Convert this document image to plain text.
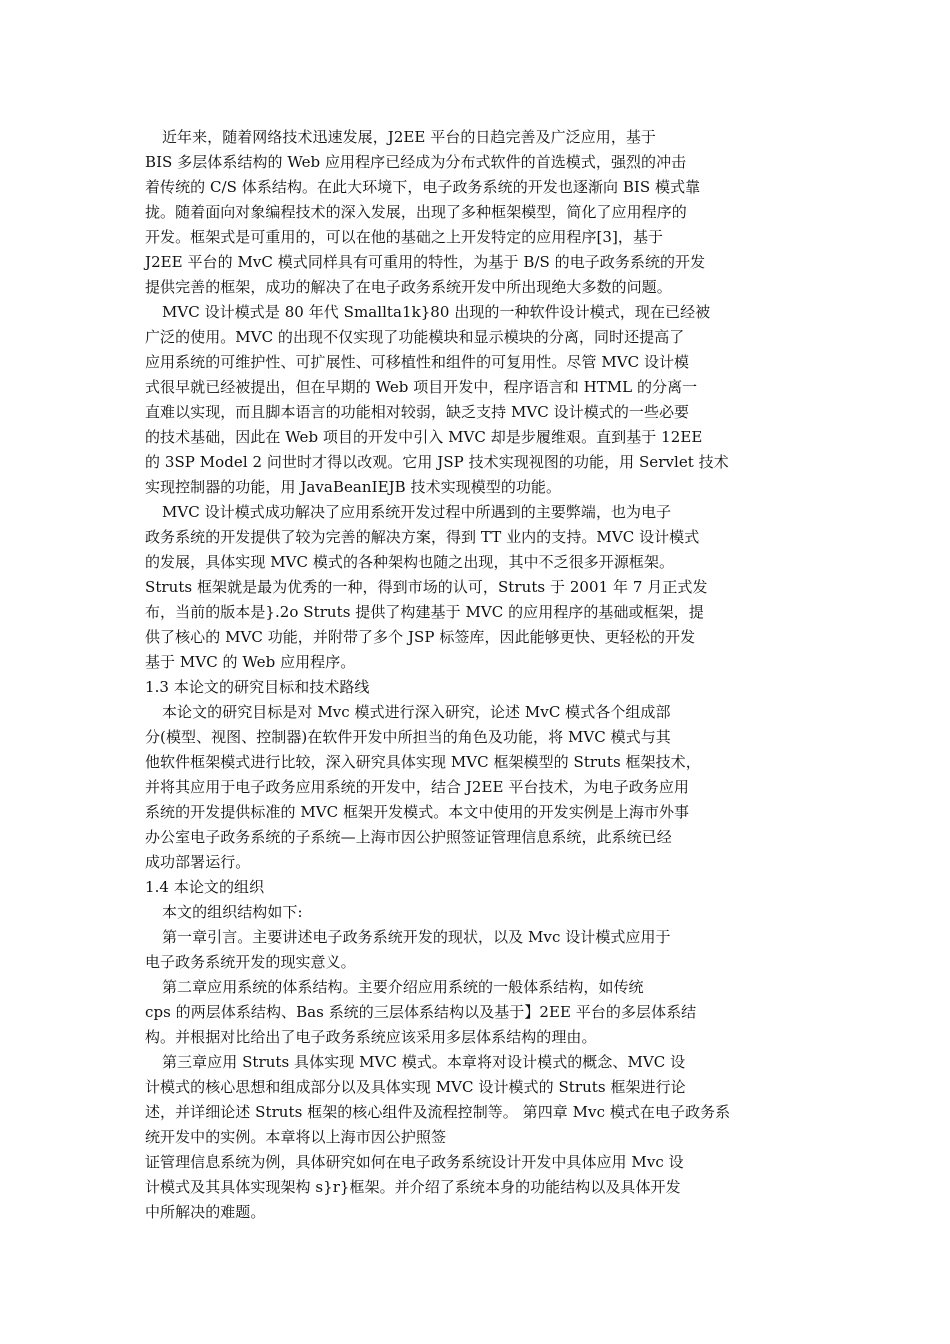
近年来，随着网络技术迅速发展，J2EE 平台的日趋完善及广泛应用，基于
BIS 多层体系结构的 Web 应用程序已经成为分布式软件的首选模式，强烈的冲击
着传统的 C/S 体系结构。在此大环境下，电子政务系统的开发也逐渐向 BIS 模式靠
拢。随着面向对象编程技术的深入发展，出现了多种框架模型，简化了应用程序的
开发。框架式是可重用的，可以在他的基础之上开发特定的应用程序[3]，基于
J2EE 平台的 MvC 模式同样具有可重用的特性，为基于 B/S 的电子政务系统的开发
提供完善的框架，成功的解决了在电子政务系统开发中所出现绝大多数的问题。
MVC 设计模式是 80 年代 Smallta1k}80 出现的一种软件设计模式，现在已经被
广泛的使用。MVC 的出现不仅实现了功能模块和显示模块的分离，同时还提高了
应用系统的可维护性、可扩展性、可移植性和组件的可复用性。尽管 MVC 设计模
式很早就已经被提出，但在早期的 Web 项目开发中，程序语言和 HTML 的分离一
直难以实现，而且脚本语言的功能相对较弱，缺乏支持 MVC 设计模式的一些必要
的技术基础，因此在 Web 项目的开发中引入 MVC 却是步履维艰。直到基于 12EE
的 3SP Model 2 问世时才得以改观。它用 JSP 技术实现视图的功能，用 Servlet 技术
实现控制器的功能，用 JavaBeanIEJB 技术实现模型的功能。
MVC 设计模式成功解决了应用系统开发过程中所遇到的主要弊端，也为电子
政务系统的开发提供了较为完善的解决方案，得到 TT 业内的支持。MVC 设计模式
的发展，具体实现 MVC 模式的各种架构也随之出现，其中不乏很多开源框架。
Struts 框架就是最为优秀的一种，得到市场的认可，Struts 于 2001 年 7 月正式发
布，当前的版本是}.2o Struts 提供了构建基于 MVC 的应用程序的基础或框架，提
供了核心的 MVC 功能，并附带了多个 JSP 标签库，因此能够更快、更轻松的开发
基于 MVC 的 Web 应用程序。
1.3 本论文的研究目标和技术路线
本论文的研究目标是对 Mvc 模式进行深入研究，论述 MvC 模式各个组成部
分(模型、视图、控制器)在软件开发中所担当的角色及功能，将 MVC 模式与其
他软件框架模式进行比较，深入研究具体实现 MVC 框架模型的 Struts 框架技术，
并将其应用于电子政务应用系统的开发中，结合 J2EE 平台技术，为电子政务应用
系统的开发提供标准的 MVC 框架开发模式。本文中使用的开发实例是上海市外事
办公室电子政务系统的子系统—上海市因公护照签证管理信息系统，此系统已经
成功部署运行。
1.4 本论文的组织
本文的组织结构如下:
第一章引言。主要讲述电子政务系统开发的现状，以及 Mvc 设计模式应用于
电子政务系统开发的现实意义。
第二章应用系统的体系结构。主要介绍应用系统的一般体系结构，如传统
cps 的两层体系结构、Bas 系统的三层体系结构以及基于】2EE 平台的多层体系结
构。并根据对比给出了电子政务系统应该采用多层体系结构的理由。
第三章应用 Struts 具体实现 MVC 模式。本章将对设计模式的概念、MVC 设
计模式的核心思想和组成部分以及具体实现 MVC 设计模式的 Struts 框架进行论
述，并详细论述 Struts 框架的核心组件及流程控制等。 第四章 Mvc 模式在电子政务系
统开发中的实例。本章将以上海市因公护照签
证管理信息系统为例，具体研究如何在电子政务系统设计开发中具体应用 Mvc 设
计模式及其具体实现架构 s}r}框架。并介绍了系统本身的功能结构以及具体开发
中所解决的难题。
